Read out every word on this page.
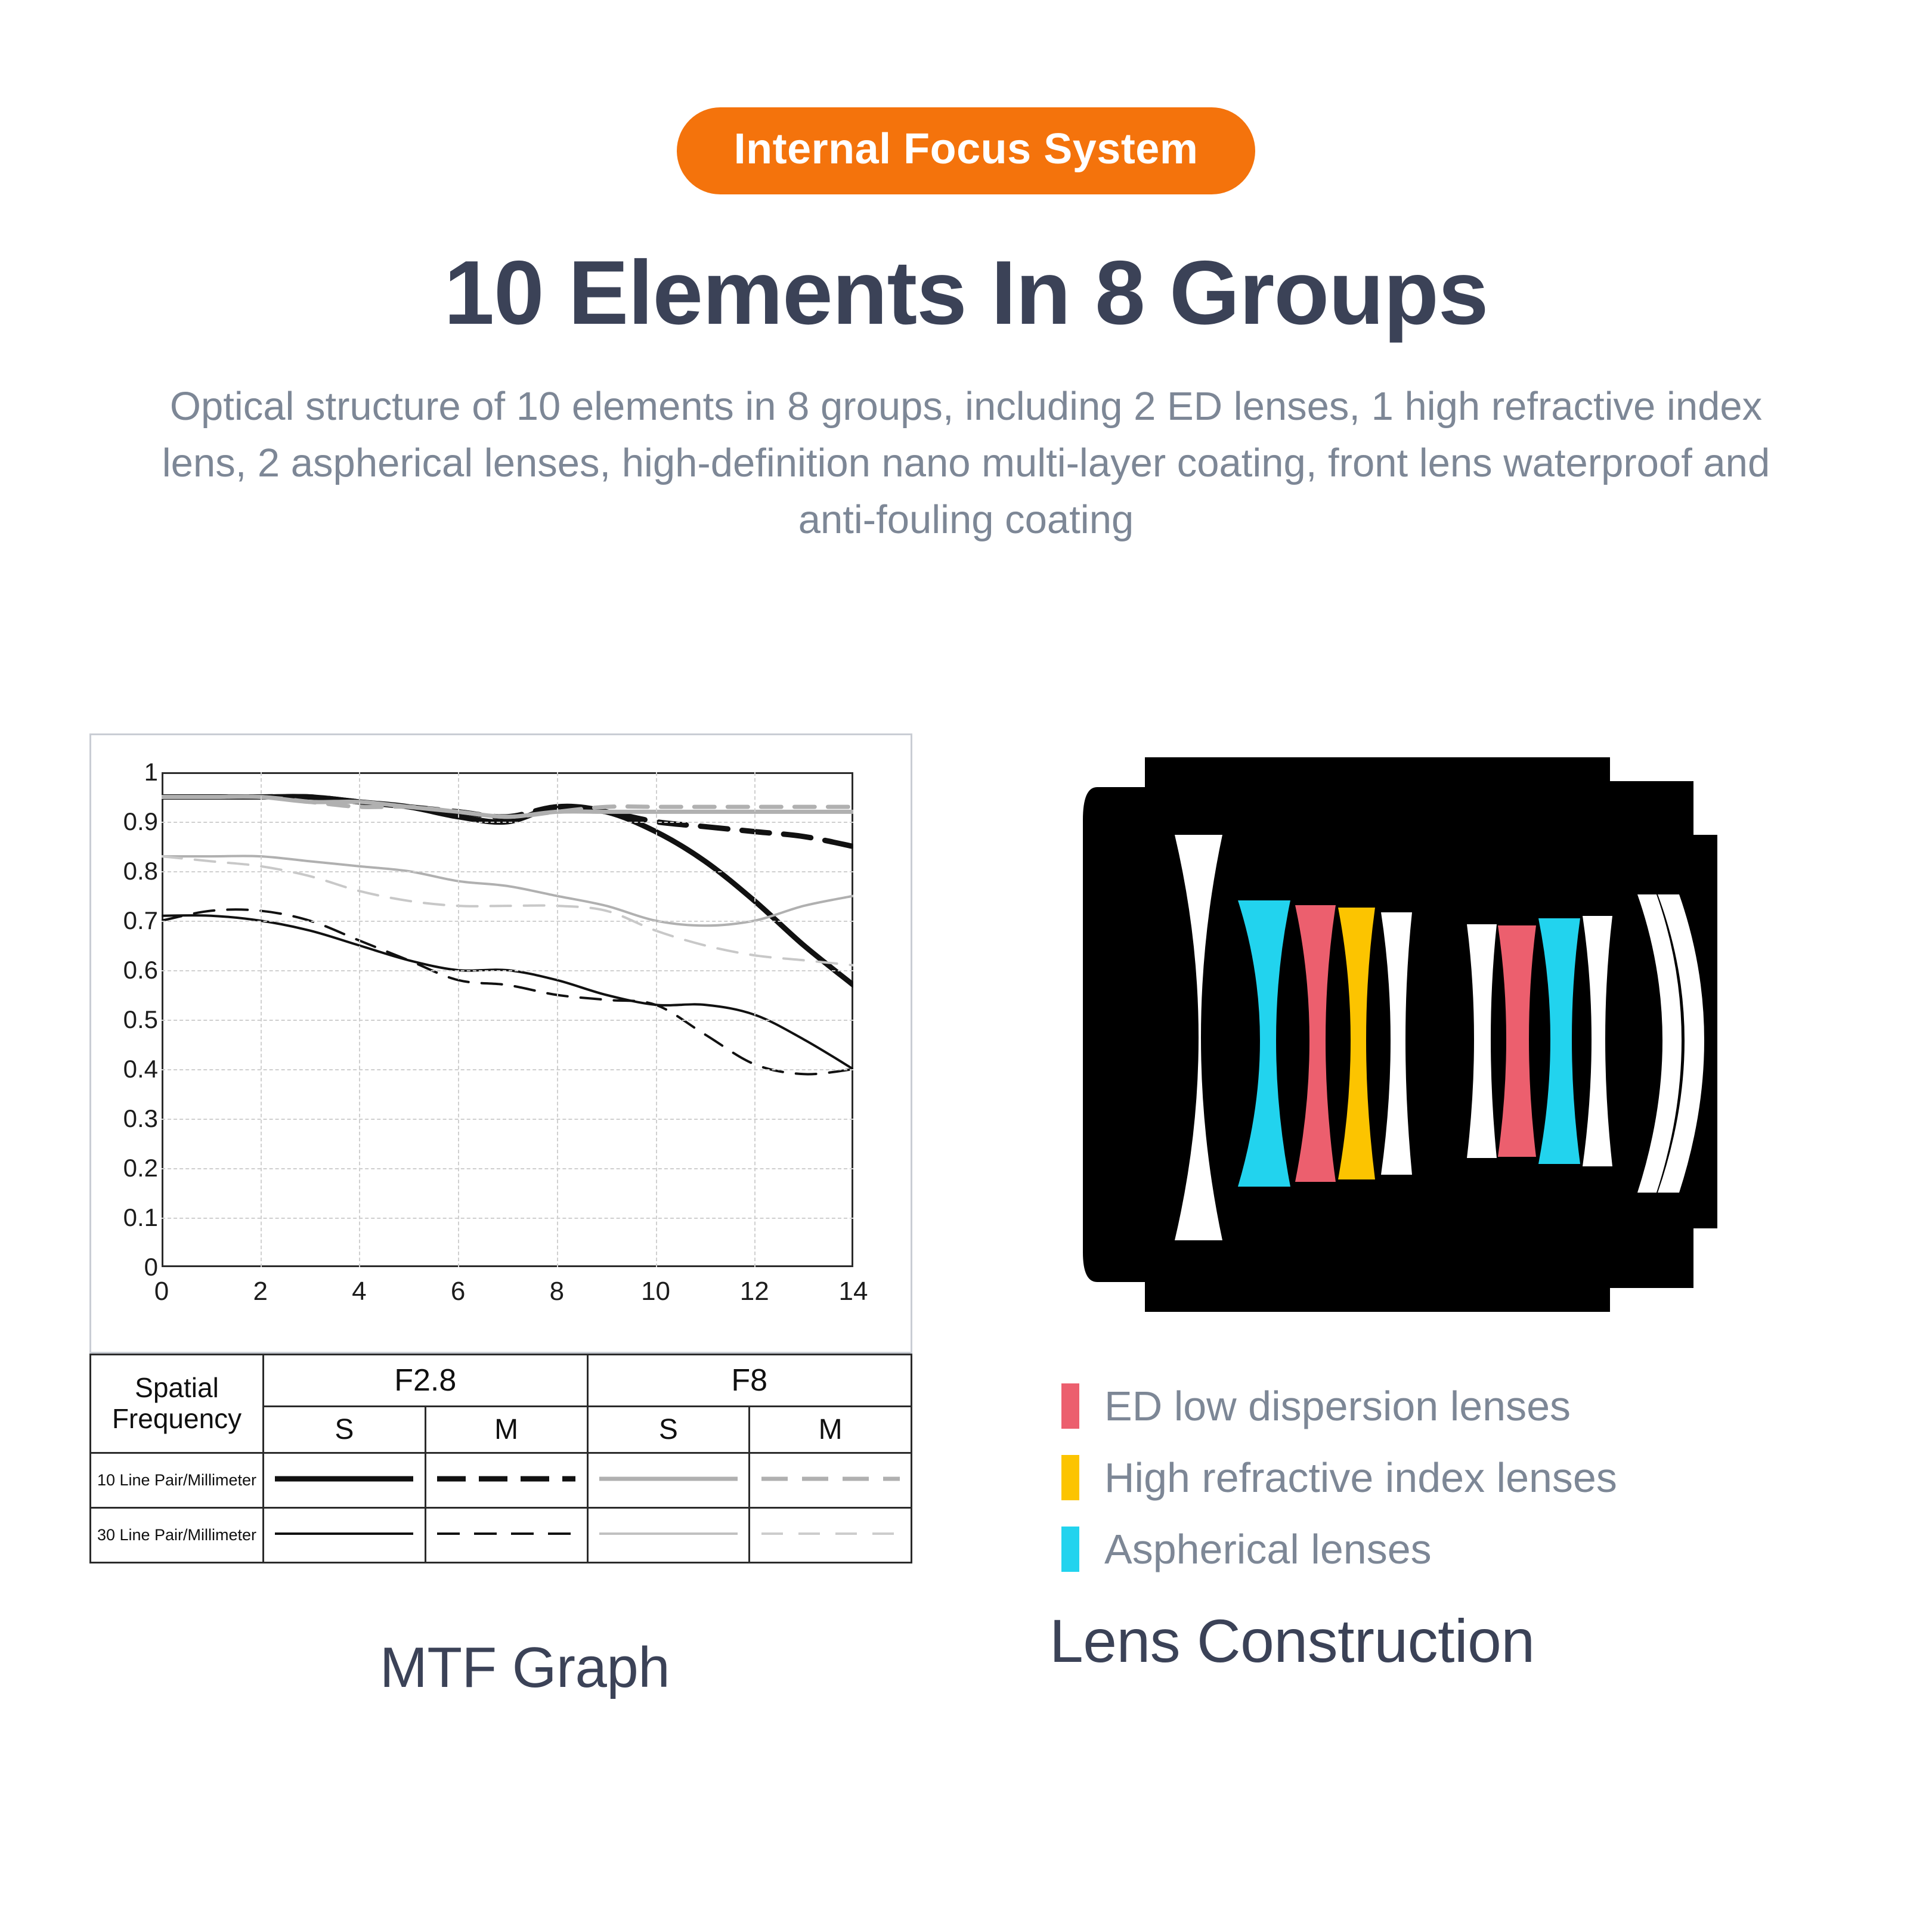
Internal Focus System
10 Elements In 8 Groups
Optical structure of 10 elements in 8 groups, including 2 ED lenses, 1 high refractive index lens, 2 aspherical lenses, high-definition nano multi-layer coating, front lens waterproof and anti-fouling coating
0	2	4	6	8	10	12	14
0
0.1
0.2
0.3
0.4
0.5
0.6
0.7
0.8
0.9
1
Spatial
Frequency	F2.8		F8	
	S	M	S	M
10 Line Pair/Millimeter	

30 Line Pair/Millimeter	

MTF Graph
ED low dispersion lenses
High refractive index lenses
Aspherical lenses
Lens Construction
